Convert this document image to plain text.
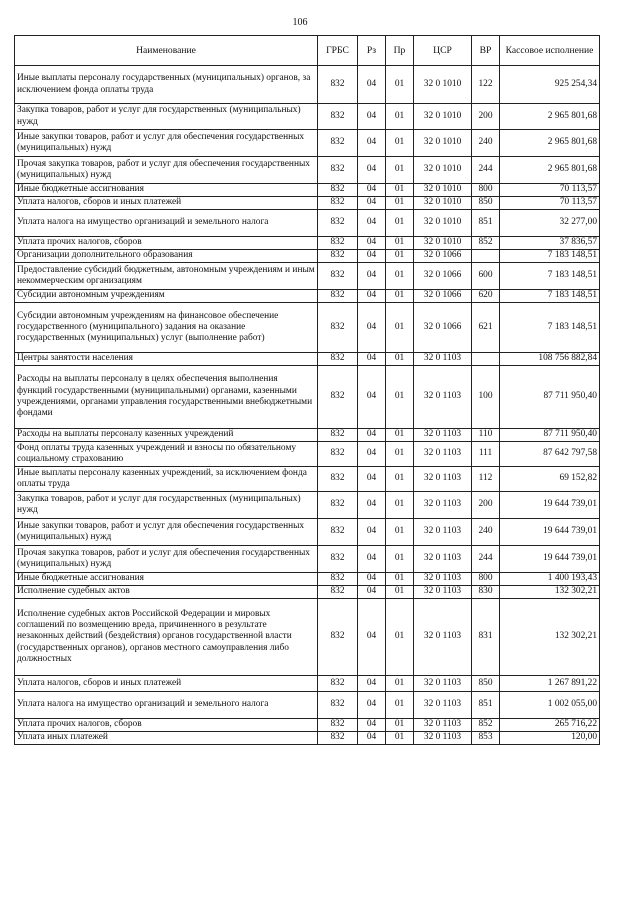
106
Наименование	ГРБС	Рз	Пр	ЦСР	ВР	Кассовое исполнение
Иные выплаты персоналу государственных (муниципальных) органов, за исключением фонда оплаты труда	832	04	01	32 0 1010	122	925 254,34
Закупка товаров, работ и услуг для государственных (муниципальных) нужд	832	04	01	32 0 1010	200	2 965 801,68
Иные закупки товаров, работ и услуг для обеспечения государственных (муниципальных) нужд	832	04	01	32 0 1010	240	2 965 801,68
Прочая закупка товаров, работ и услуг для обеспечения государственных (муниципальных) нужд	832	04	01	32 0 1010	244	2 965 801,68
Иные бюджетные ассигнования	832	04	01	32 0 1010	800	70 113,57
Уплата налогов, сборов и иных платежей	832	04	01	32 0 1010	850	70 113,57
Уплата налога на имущество организаций и земельного налога	832	04	01	32 0 1010	851	32 277,00
Уплата прочих налогов, сборов	832	04	01	32 0 1010	852	37 836,57
Организации дополнительного образования	832	04	01	32 0 1066		7 183 148,51
Предоставление субсидий бюджетным, автономным учреждениям и иным некоммерческим организациям	832	04	01	32 0 1066	600	7 183 148,51
Субсидии автономным учреждениям	832	04	01	32 0 1066	620	7 183 148,51
Субсидии автономным учреждениям на финансовое обеспечение государственного (муниципального) задания на оказание государственных (муниципальных) услуг (выполнение работ)	832	04	01	32 0 1066	621	7 183 148,51
Центры занятости населения	832	04	01	32 0 1103		108 756 882,84
Расходы на выплаты персоналу в целях обеспечения выполнения функций государственными (муниципальными) органами, казенными учреждениями, органами управления государственными внебюджетными фондами	832	04	01	32 0 1103	100	87 711 950,40
Расходы на выплаты персоналу казенных учреждений	832	04	01	32 0 1103	110	87 711 950,40
Фонд оплаты труда казенных учреждений и взносы по обязательному социальному страхованию	832	04	01	32 0 1103	111	87 642 797,58
Иные выплаты персоналу казенных учреждений, за исключением фонда оплаты труда	832	04	01	32 0 1103	112	69 152,82
Закупка товаров, работ и услуг для государственных (муниципальных) нужд	832	04	01	32 0 1103	200	19 644 739,01
Иные закупки товаров, работ и услуг для обеспечения государственных (муниципальных) нужд	832	04	01	32 0 1103	240	19 644 739,01
Прочая закупка товаров, работ и услуг для обеспечения государственных (муниципальных) нужд	832	04	01	32 0 1103	244	19 644 739,01
Иные бюджетные ассигнования	832	04	01	32 0 1103	800	1 400 193,43
Исполнение судебных актов	832	04	01	32 0 1103	830	132 302,21
Исполнение судебных актов Российской Федерации и мировых соглашений по возмещению вреда, причиненного в результате незаконных действий (бездействия) органов государственной власти (государственных органов), органов местного самоуправления либо должностных	832	04	01	32 0 1103	831	132 302,21
Уплата налогов, сборов и иных платежей	832	04	01	32 0 1103	850	1 267 891,22
Уплата налога на имущество организаций и земельного налога	832	04	01	32 0 1103	851	1 002 055,00
Уплата прочих налогов, сборов	832	04	01	32 0 1103	852	265 716,22
Уплата иных платежей	832	04	01	32 0 1103	853	120,00
